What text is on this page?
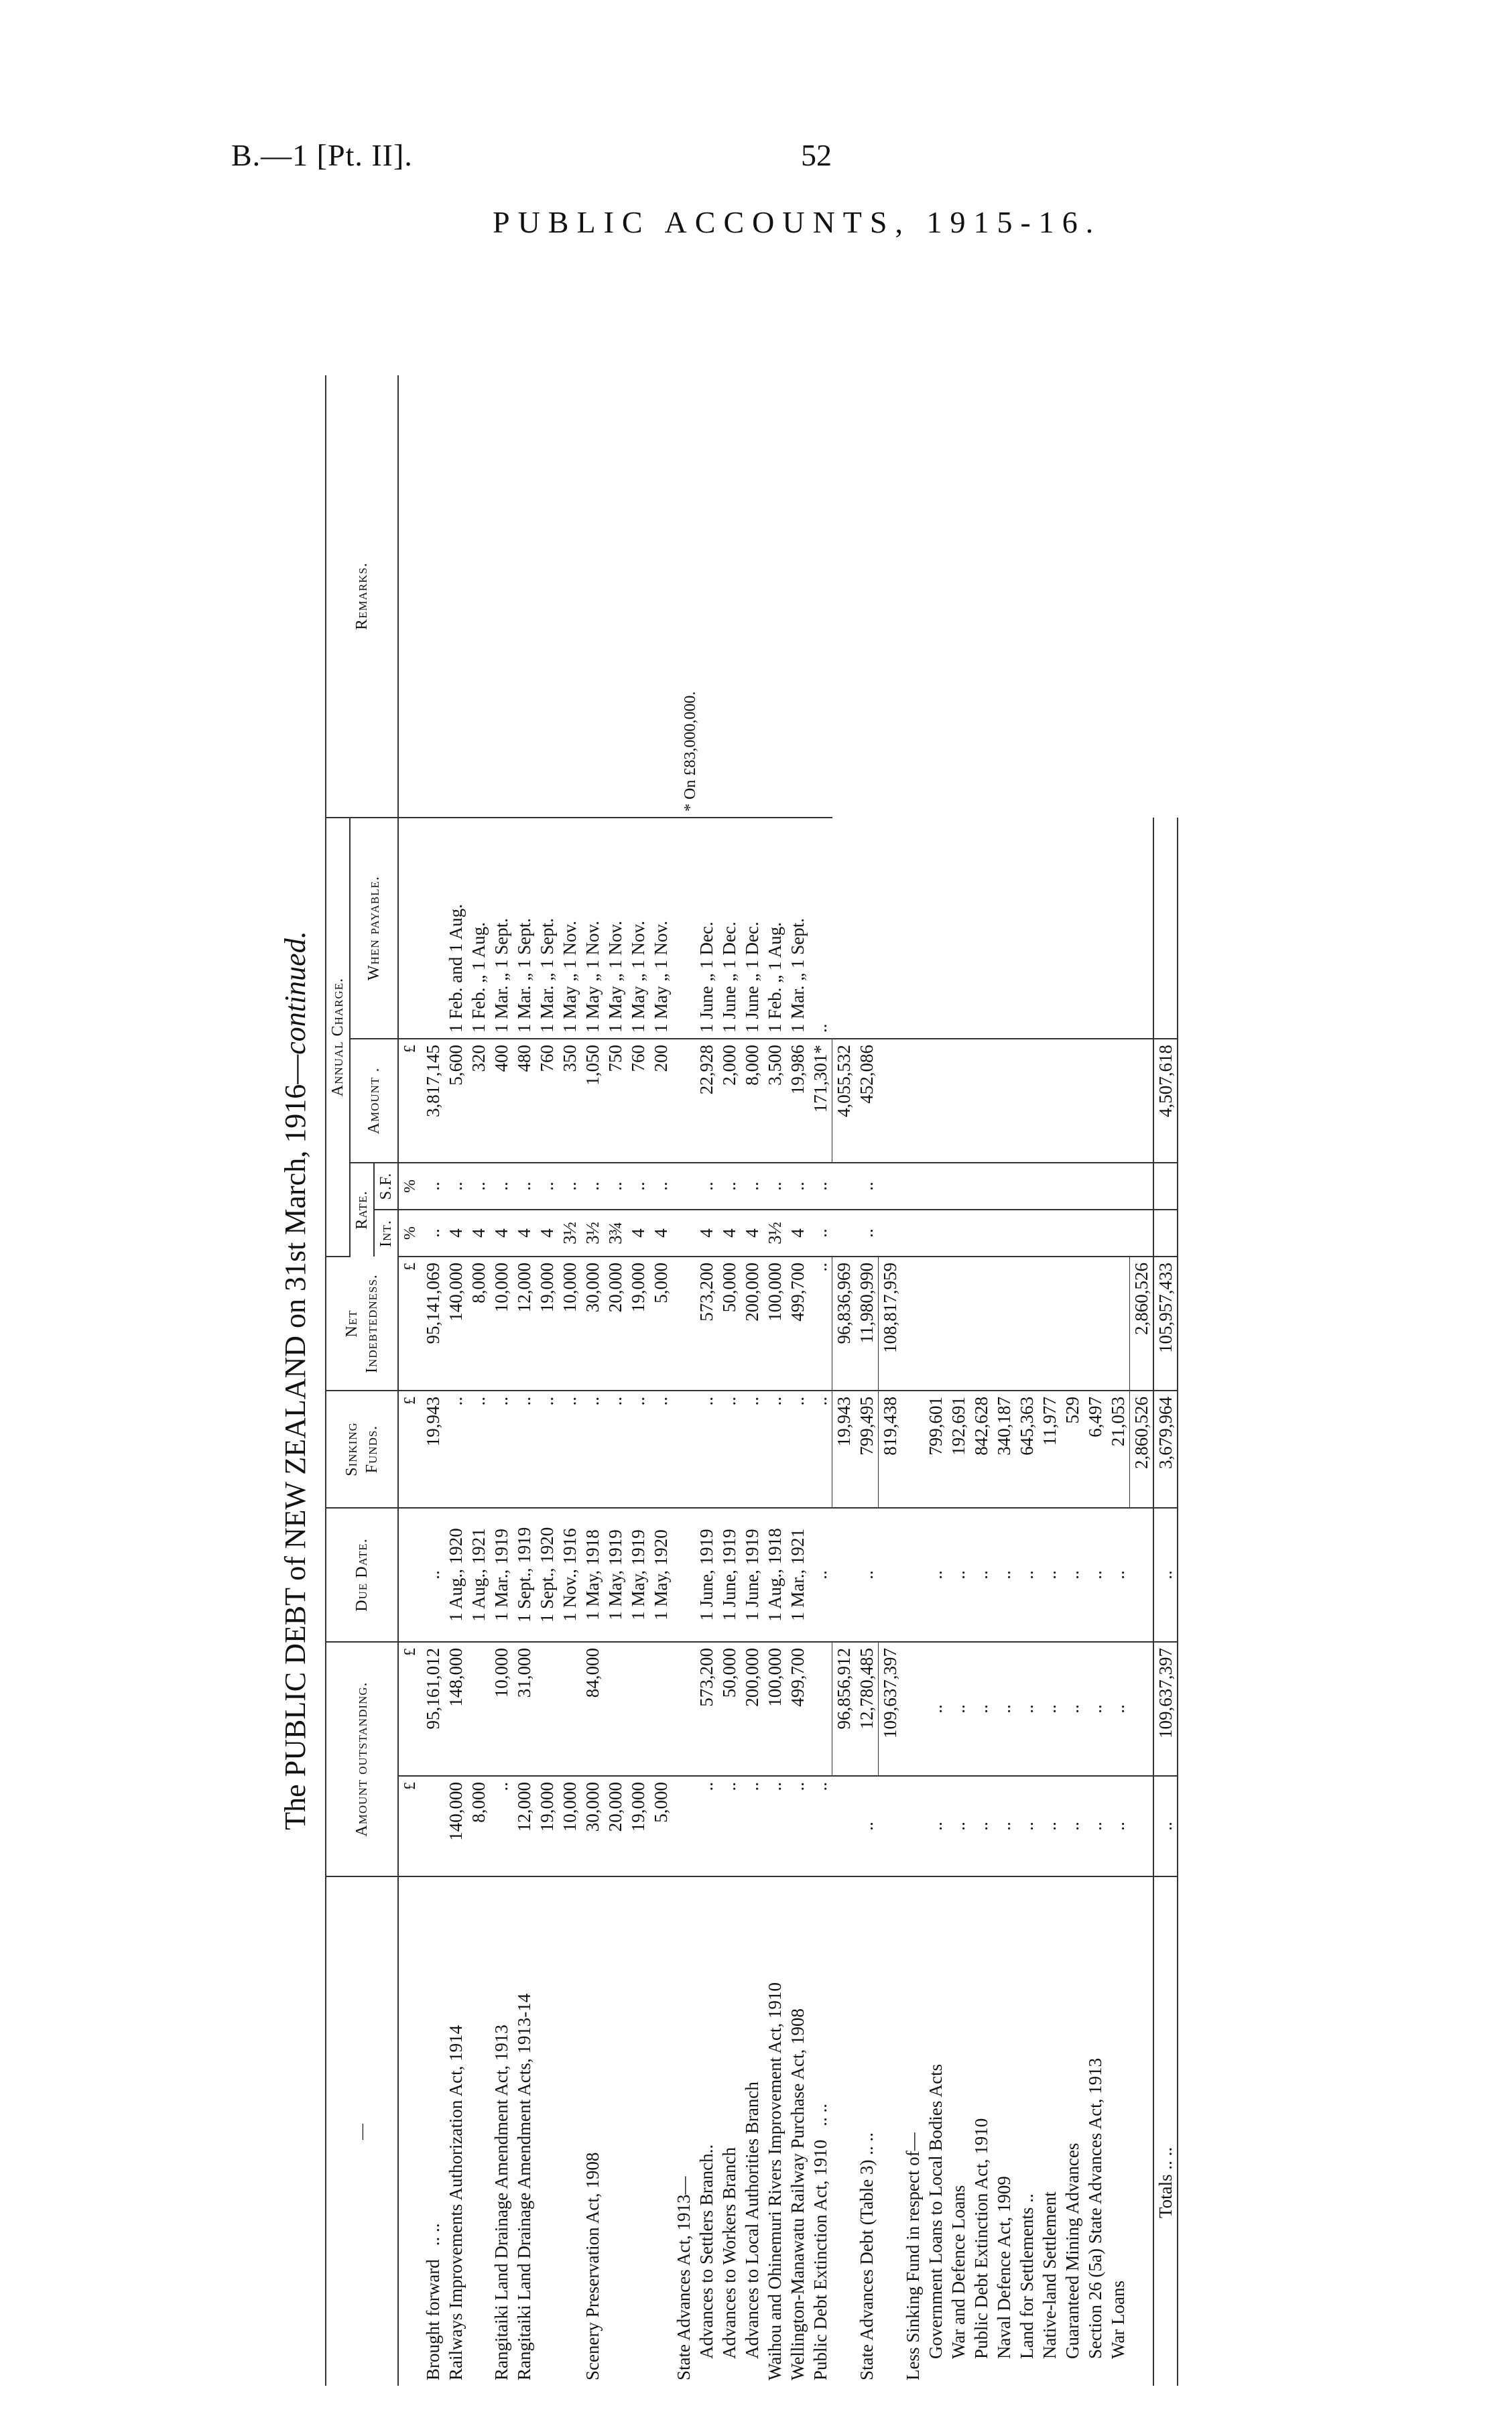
B.—1 [Pt. II].	52
PUBLIC ACCOUNTS, 1915-16.
The PUBLIC DEBT of NEW ZEALAND on 31st March, 1916—continued.
—	Amount outstanding.		Due Date.	Sinking Funds.	Net Indebtedness.	Annual Charge.				Remarks.
						Rate.		Amount .	When payable.	
						Int.	S.F.			
	£	£		£	£	%	%	£		* On £83,000,000.
Brought forward.. ..		95,161,012	..	19,943	95,141,069	..	..	3,817,145		
Railways Improvements Authorization Act, 1914	140,000	148,000	1 Aug., 1920	..	140,000	4	..	5,600	1 Feb. and 1 Aug.	
	8,000		1 Aug., 1921	..	8,000	4	..	320	1 Feb. „ 1 Aug.	
Rangitaiki Land Drainage Amendment Act, 1913	..	10,000	1 Mar., 1919	..	10,000	4	..	400	1 Mar. „ 1 Sept.	
Rangitaiki Land Drainage Amendment Acts, 1913-14	12,000	31,000	1 Sept., 1919	..	12,000	4	..	480	1 Mar. „ 1 Sept.	
	19,000		1 Sept., 1920	..	19,000	4	..	760	1 Mar. „ 1 Sept.	
	10,000		1 Nov., 1916	..	10,000	3½	..	350	1 May „ 1 Nov.	
Scenery Preservation Act, 1908	30,000	84,000	1 May, 1918	..	30,000	3½	..	1,050	1 May „ 1 Nov.	
	20,000		1 May, 1919	..	20,000	3¾	..	750	1 May „ 1 Nov.	
	19,000		1 May, 1919	..	19,000	4	..	760	1 May „ 1 Nov.	
	5,000		1 May, 1920	..	5,000	4	..	200	1 May „ 1 Nov.	
State Advances Act, 1913—										
Advances to Settlers Branch..	..	573,200	1 June, 1919	..	573,200	4	..	22,928	1 June „ 1 Dec.	
Advances to Workers Branch	..	50,000	1 June, 1919	..	50,000	4	..	2,000	1 June „ 1 Dec.	
Advances to Local Authorities Branch	..	200,000	1 June, 1919	..	200,000	4	..	8,000	1 June „ 1 Dec.	
Waihou and Ohinemuri Rivers Improvement Act, 1910	..	100,000	1 Aug., 1918	..	100,000	3½	..	3,500	1 Feb. „ 1 Aug.	
Wellington-Manawatu Railway Purchase Act, 1908	..	499,700	1 Mar., 1921	..	499,700	4	..	19,986	1 Mar. „ 1 Sept.	
Public Debt Extinction Act, 1910.. ..	..		..	..	..	..	..	171,301*	..	
		96,856,912		19,943	96,836,969			4,055,532		
State Advances Debt (Table 3) .. ..	..	12,780,485	..	799,495	11,980,990	..	..	452,086		
		109,637,397		819,438	108,817,959					
Less Sinking Fund in respect of—										
Government Loans to Local Bodies Acts	..	..	..	799,601						
War and Defence Loans	..	..	..	192,691						
Public Debt Extinction Act, 1910	..	..	..	842,628						
Naval Defence Act, 1909	..	..	..	340,187						
Land for Settlements ..	..	..	..	645,363						
Native-land Settlement	..	..	..	11,977						
Guaranteed Mining Advances	..	..	..	529						
Section 26 (5a) State Advances Act, 1913	..	..	..	6,497						
War Loans	..	..	..	21,053						
				2,860,526	2,860,526					
Totals .. ..	..	109,637,397	..	3,679,964	105,957,433			4,507,618		
